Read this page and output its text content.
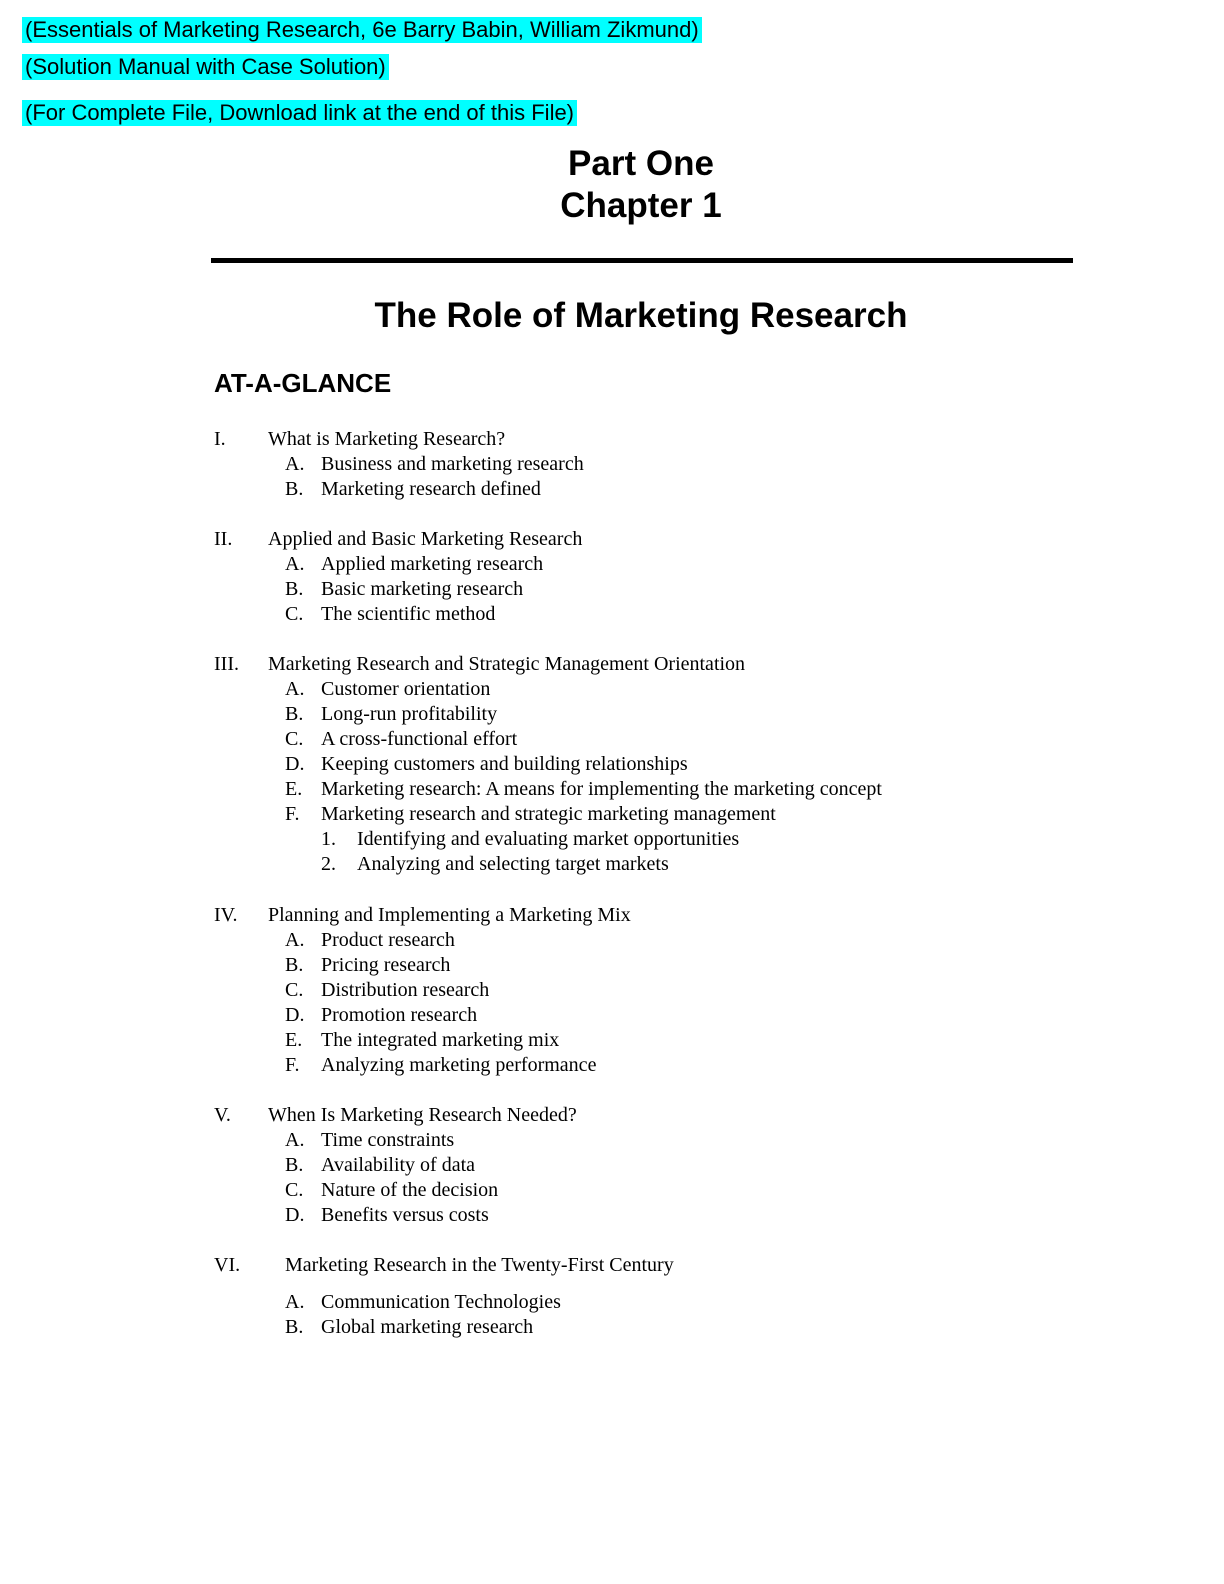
(Essentials of Marketing Research, 6e Barry Babin, William Zikmund)
(Solution Manual with Case Solution)
(For Complete File, Download link at the end of this File)
Part One
Chapter 1
The Role of Marketing Research
AT-A-GLANCE
I. What is Marketing Research?
A. Business and marketing research
B. Marketing research defined
II. Applied and Basic Marketing Research
A. Applied marketing research
B. Basic marketing research
C. The scientific method
III. Marketing Research and Strategic Management Orientation
A. Customer orientation
B. Long-run profitability
C. A cross-functional effort
D. Keeping customers and building relationships
E. Marketing research: A means for implementing the marketing concept
F. Marketing research and strategic marketing management
1. Identifying and evaluating market opportunities
2. Analyzing and selecting target markets
IV. Planning and Implementing a Marketing Mix
A. Product research
B. Pricing research
C. Distribution research
D. Promotion research
E. The integrated marketing mix
F. Analyzing marketing performance
V. When Is Marketing Research Needed?
A. Time constraints
B. Availability of data
C. Nature of the decision
D. Benefits versus costs
VI. Marketing Research in the Twenty-First Century
A. Communication Technologies
B. Global marketing research
